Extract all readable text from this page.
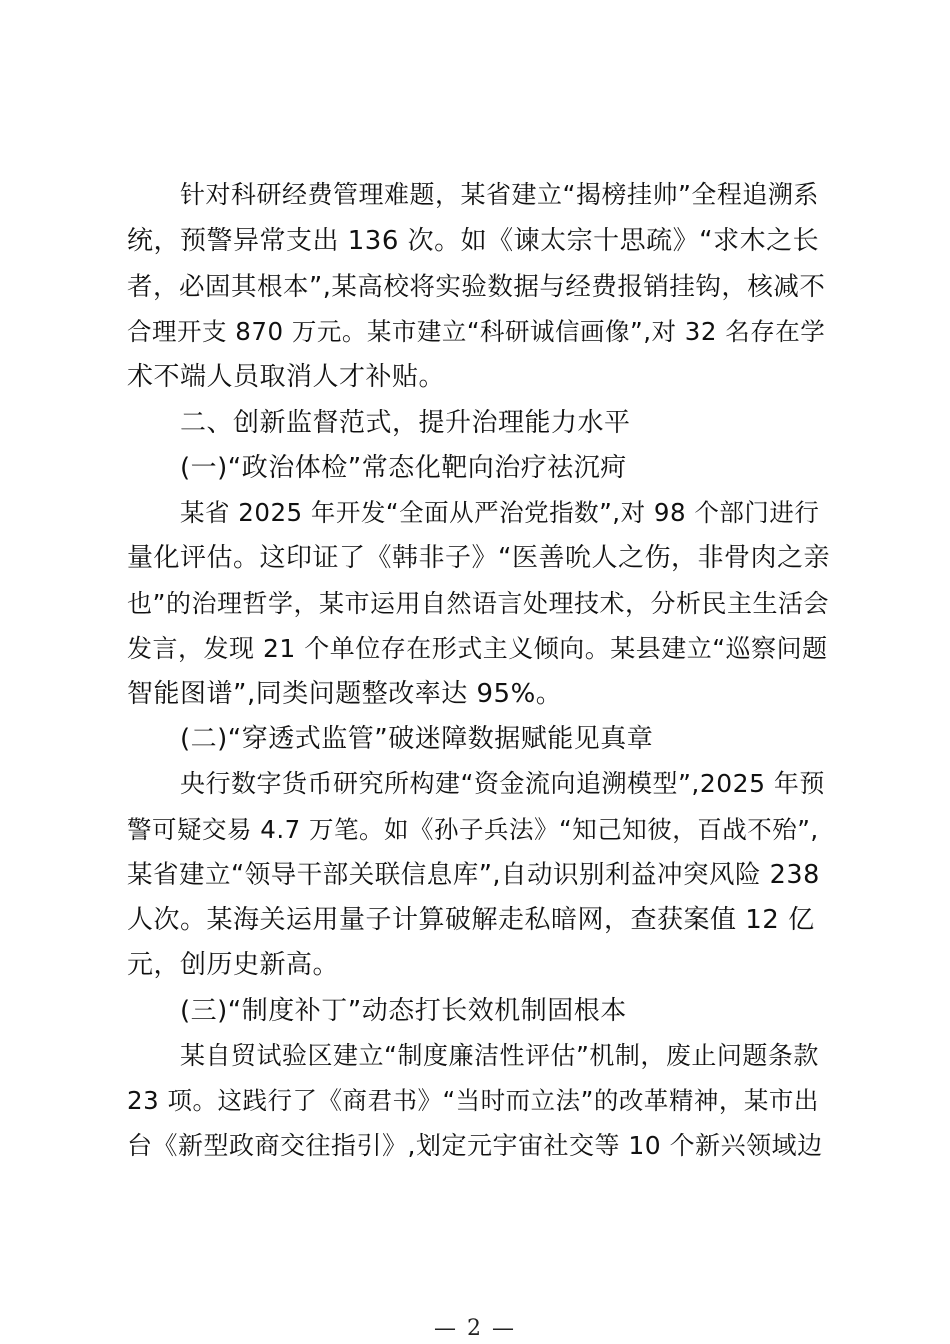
针对科研经费管理难题，某省建立“揭榜挂帅”全程追溯系
统，预警异常支出 136 次。如《谏太宗十思疏》“求木之长
者，必固其根本”,某高校将实验数据与经费报销挂钩，核减不
合理开支 870 万元。某市建立“科研诚信画像”,对 32 名存在学
术不端人员取消人才补贴。
二、创新监督范式，提升治理能力水平
(一)“政治体检”常态化靶向治疗祛沉疴
某省 2025 年开发“全面从严治党指数”,对 98 个部门进行
量化评估。这印证了《韩非子》“医善吮人之伤，非骨肉之亲
也”的治理哲学，某市运用自然语言处理技术，分析民主生活会
发言，发现 21 个单位存在形式主义倾向。某县建立“巡察问题
智能图谱”,同类问题整改率达 95%。
(二)“穿透式监管”破迷障数据赋能见真章
央行数字货币研究所构建“资金流向追溯模型”,2025 年预
警可疑交易 4.7 万笔。如《孙子兵法》“知己知彼，百战不殆”,
某省建立“领导干部关联信息库”,自动识别利益冲突风险 238
人次。某海关运用量子计算破解走私暗网，查获案值 12 亿
元，创历史新高。
(三)“制度补丁”动态打长效机制固根本
某自贸试验区建立“制度廉洁性评估”机制，废止问题条款
23 项。这践行了《商君书》“当时而立法”的改革精神，某市出
台《新型政商交往指引》,划定元宇宙社交等 10 个新兴领域边
— 2 —
